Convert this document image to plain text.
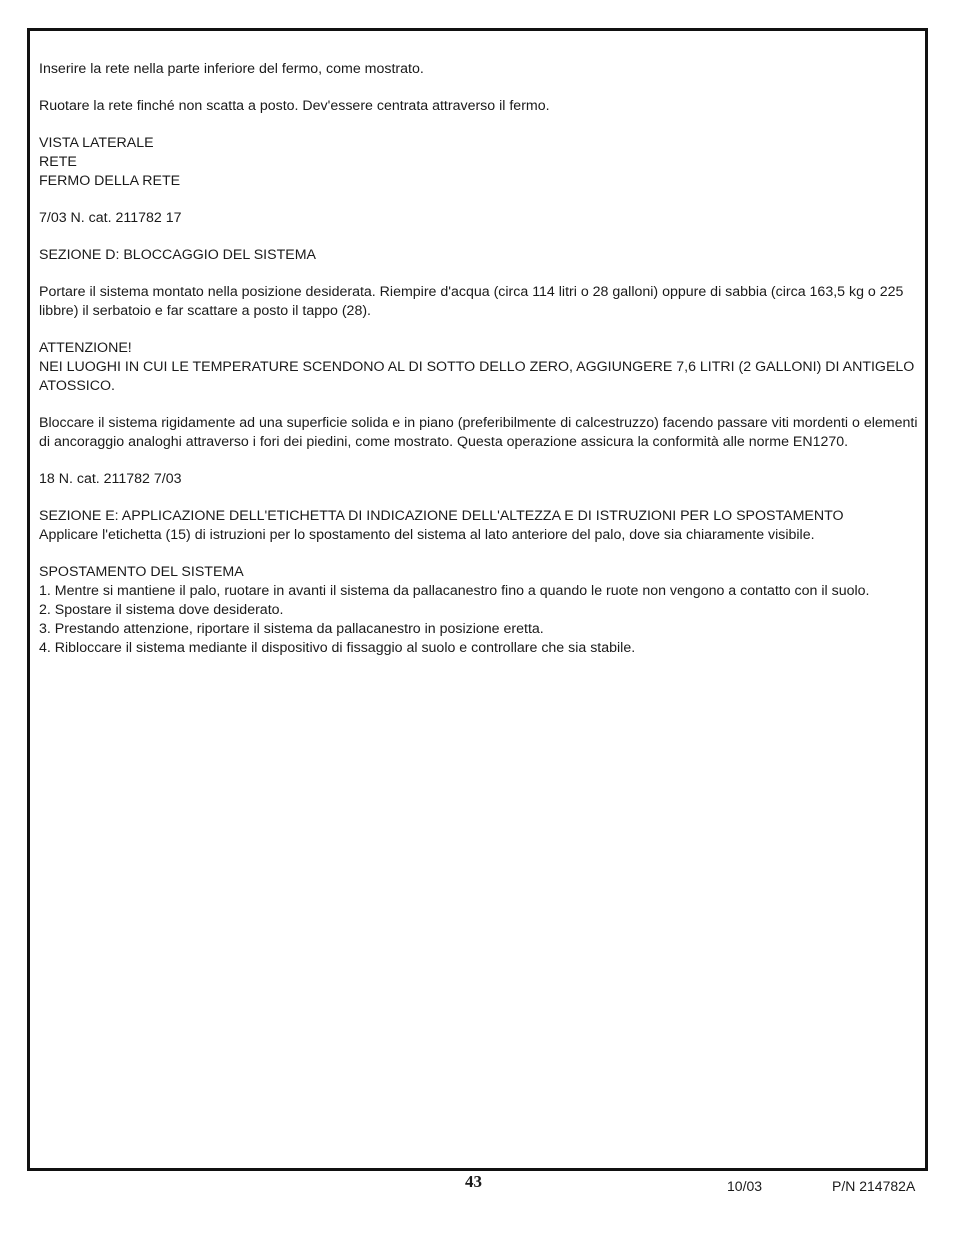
Inserire la rete nella parte inferiore del fermo, come mostrato.

Ruotare la rete finché non scatta a posto. Dev'essere centrata attraverso il fermo.

VISTA LATERALE
RETE
FERMO DELLA RETE

7/03 N. cat. 211782 17

SEZIONE D: BLOCCAGGIO DEL SISTEMA

Portare il sistema montato nella posizione desiderata. Riempire d'acqua (circa 114 litri o 28 galloni) oppure di sabbia (circa 163,5 kg o 225 libbre) il serbatoio e far scattare a posto il tappo (28).

ATTENZIONE!
NEI LUOGHI IN CUI LE TEMPERATURE SCENDONO AL DI SOTTO DELLO ZERO, AGGIUNGERE 7,6 LITRI (2 GALLONI) DI ANTIGELO ATOSSICO.

Bloccare il sistema rigidamente ad una superficie solida e in piano (preferibilmente di calcestruzzo) facendo passare viti mordenti o elementi di ancoraggio analoghi attraverso i fori dei piedini, come mostrato. Questa operazione assicura la conformità alle norme EN1270.

18 N. cat. 211782 7/03

SEZIONE E: APPLICAZIONE DELL'ETICHETTA DI INDICAZIONE DELL'ALTEZZA E DI ISTRUZIONI PER LO SPOSTAMENTO
Applicare l'etichetta (15) di istruzioni per lo spostamento del sistema al lato anteriore del palo, dove sia chiaramente visibile.

SPOSTAMENTO DEL SISTEMA
1. Mentre si mantiene il palo, ruotare in avanti il sistema da pallacanestro fino a quando le ruote non vengono a contatto con il suolo.
2. Spostare il sistema dove desiderato.
3. Prestando attenzione, riportare il sistema da pallacanestro in posizione eretta.
4. Ribloccare il sistema mediante il dispositivo di fissaggio al suolo e controllare che sia stabile.

43	10/03	P/N 214782A
